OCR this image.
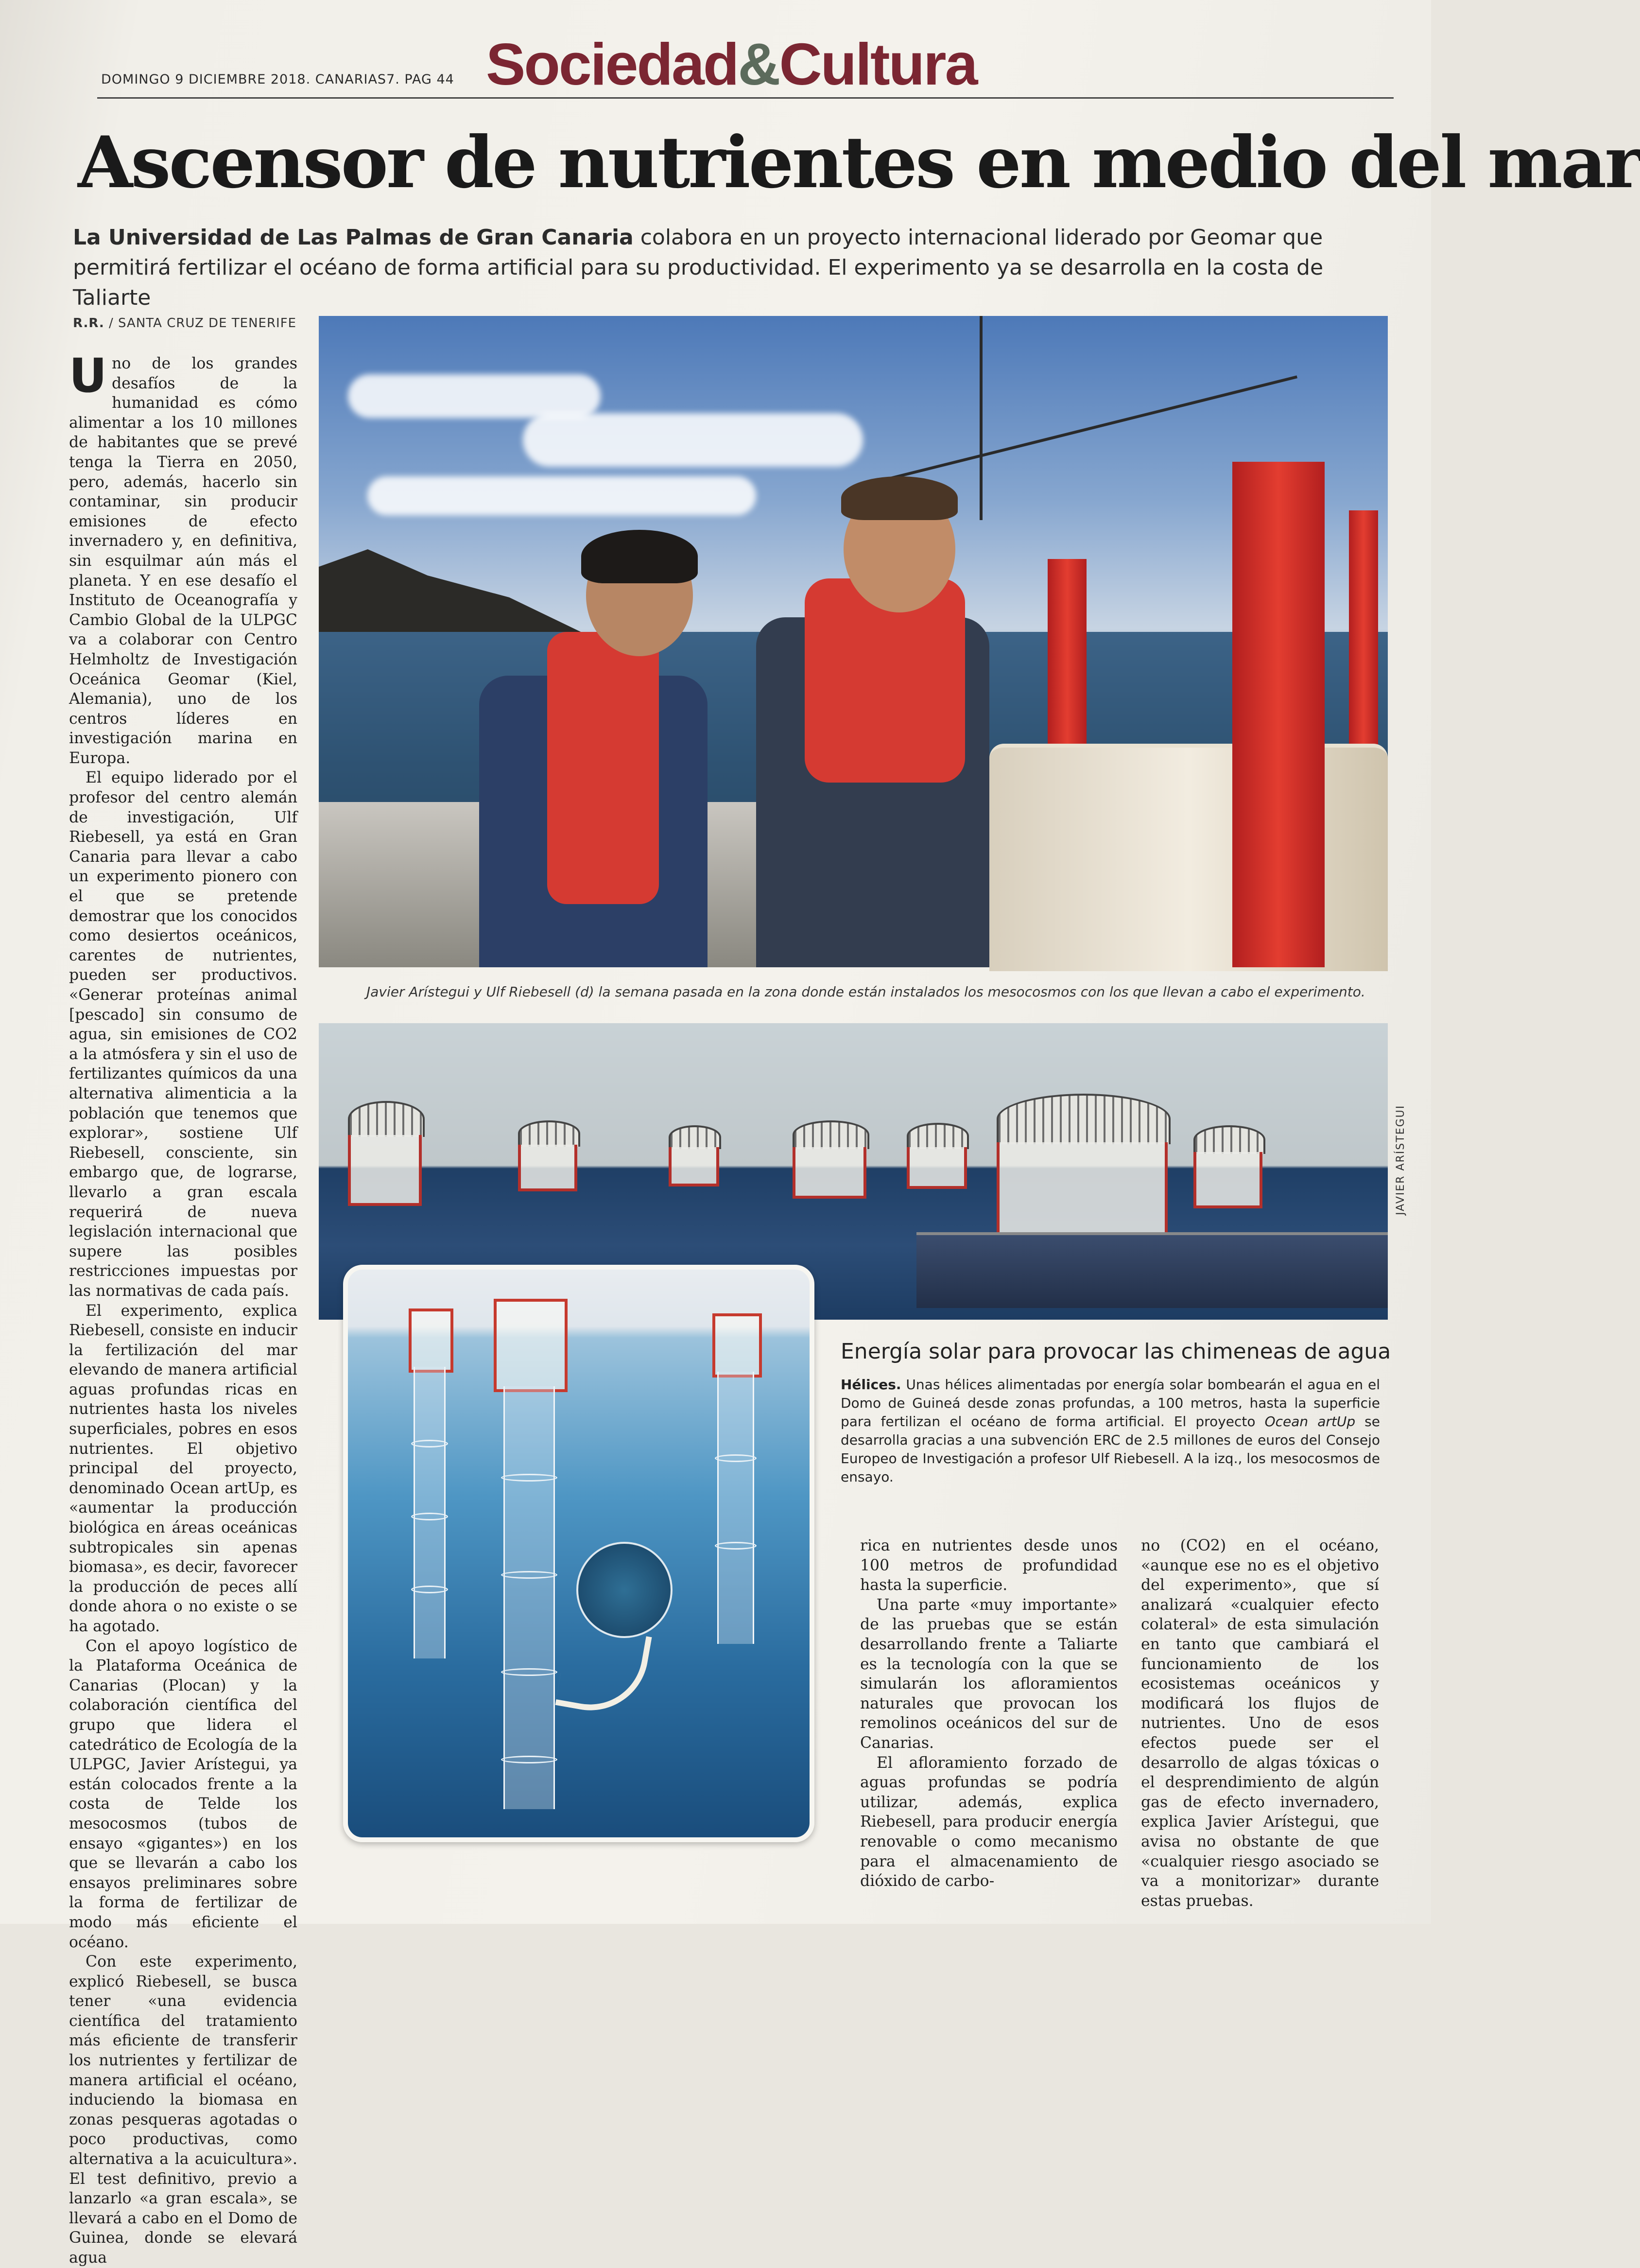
DOMINGO 9 DICIEMBRE 2018. CANARIAS7. PAG 44 Sociedad&Cultura
Ascensor de nutrientes en medio del mar
La Universidad de Las Palmas de Gran Canaria colabora en un proyecto internacional liderado por Geomar que permitirá fertilizar el océano de forma artificial para su productividad. El experimento ya se desarrolla en la costa de Taliarte
R.R. / SANTA CRUZ DE TENERIFE

Uno de los grandes desafíos de la humanidad es cómo alimentar a los 10 millones de habitantes que se prevé tenga la Tierra en 2050, pero, además, hacerlo sin contaminar, sin producir emisiones de efecto invernadero y, en definitiva, sin esquilmar aún más el planeta. Y en ese desafío el Instituto de Oceanografía y Cambio Global de la ULPGC va a colaborar con Centro Helmholtz de Investigación Oceánica Geomar (Kiel, Alemania), uno de los centros líderes en investigación marina en Europa.

El equipo liderado por el profesor del centro alemán de investigación, Ulf Riebesell, ya está en Gran Canaria para llevar a cabo un experimento pionero con el que se pretende demostrar que los conocidos como desiertos oceánicos, carentes de nutrientes, pueden ser productivos. «Generar proteínas animal [pescado] sin consumo de agua, sin emisiones de CO2 a la atmósfera y sin el uso de fertilizantes químicos da una alternativa alimenticia a la población que tenemos que explorar», sostiene Ulf Riebesell, consciente, sin embargo que, de lograrse, llevarlo a gran escala requerirá de nueva legislación internacional que supere las posibles restricciones impuestas por las normativas de cada país.

El experimento, explica Riebesell, consiste en inducir la fertilización del mar elevando de manera artificial aguas profundas ricas en nutrientes hasta los niveles superficiales, pobres en esos nutrientes. El objetivo principal del proyecto, denominado Ocean artUp, es «aumentar la producción biológica en áreas oceánicas subtropicales sin apenas biomasa», es decir, favorecer la producción de peces allí donde ahora o no existe o se ha agotado.

Con el apoyo logístico de la Plataforma Oceánica de Canarias (Plocan) y la colaboración científica del grupo que lidera el catedrático de Ecología de la ULPGC, Javier Arístegui, ya están colocados frente a la costa de Telde los mesocosmos (tubos de ensayo «gigantes») en los que se llevarán a cabo los ensayos preliminares sobre la forma de fertilizar de modo más eficiente el océano.

Con este experimento, explicó Riebesell, se busca tener «una evidencia científica del tratamiento más eficiente de transferir los nutrientes y fertilizar de manera artificial el océano, induciendo la biomasa en zonas pesqueras agotadas o poco productivas, como alternativa a la acuicultura». El test definitivo, previo a lanzarlo «a gran escala», se llevará a cabo en el Domo de Guinea, donde se elevará agua

Javier Arístegui y Ulf Riebesell (d) la semana pasada en la zona donde están instalados los mesocosmos con los que llevan a cabo el experimento.
JAVIER ARÍSTEGUI
Energía solar para provocar las chimeneas de agua
Hélices. Unas hélices alimentadas por energía solar bombearán el agua en el Domo de Guineá desde zonas profundas, a 100 metros, hasta la superficie para fertilizan el océano de forma artificial. El proyecto Ocean artUp se desarrolla gracias a una subvención ERC de 2.5 millones de euros del Consejo Europeo de Investigación a profesor Ulf Riebesell. A la izq., los mesocosmos de ensayo.

rica en nutrientes desde unos 100 metros de profundidad hasta la superficie.

Una parte «muy importante» de las pruebas que se están desarrollando frente a Taliarte es la tecnología con la que se simularán los afloramientos naturales que provocan los remolinos oceánicos del sur de Canarias.

El afloramiento forzado de aguas profundas se podría utilizar, además, explica Riebesell, para producir energía renovable o como mecanismo para el almacenamiento de dióxido de carbo-

no (CO2) en el océano, «aunque ese no es el objetivo del experimento», que sí analizará «cualquier efecto colateral» de esta simulación en tanto que cambiará el funcionamiento de los ecosistemas oceánicos y modificará los flujos de nutrientes. Uno de esos efectos puede ser el desarrollo de algas tóxicas o el desprendimiento de algún gas de efecto invernadero, explica Javier Arístegui, que avisa no obstante de que «cualquier riesgo asociado se va a monitorizar» durante estas pruebas.
